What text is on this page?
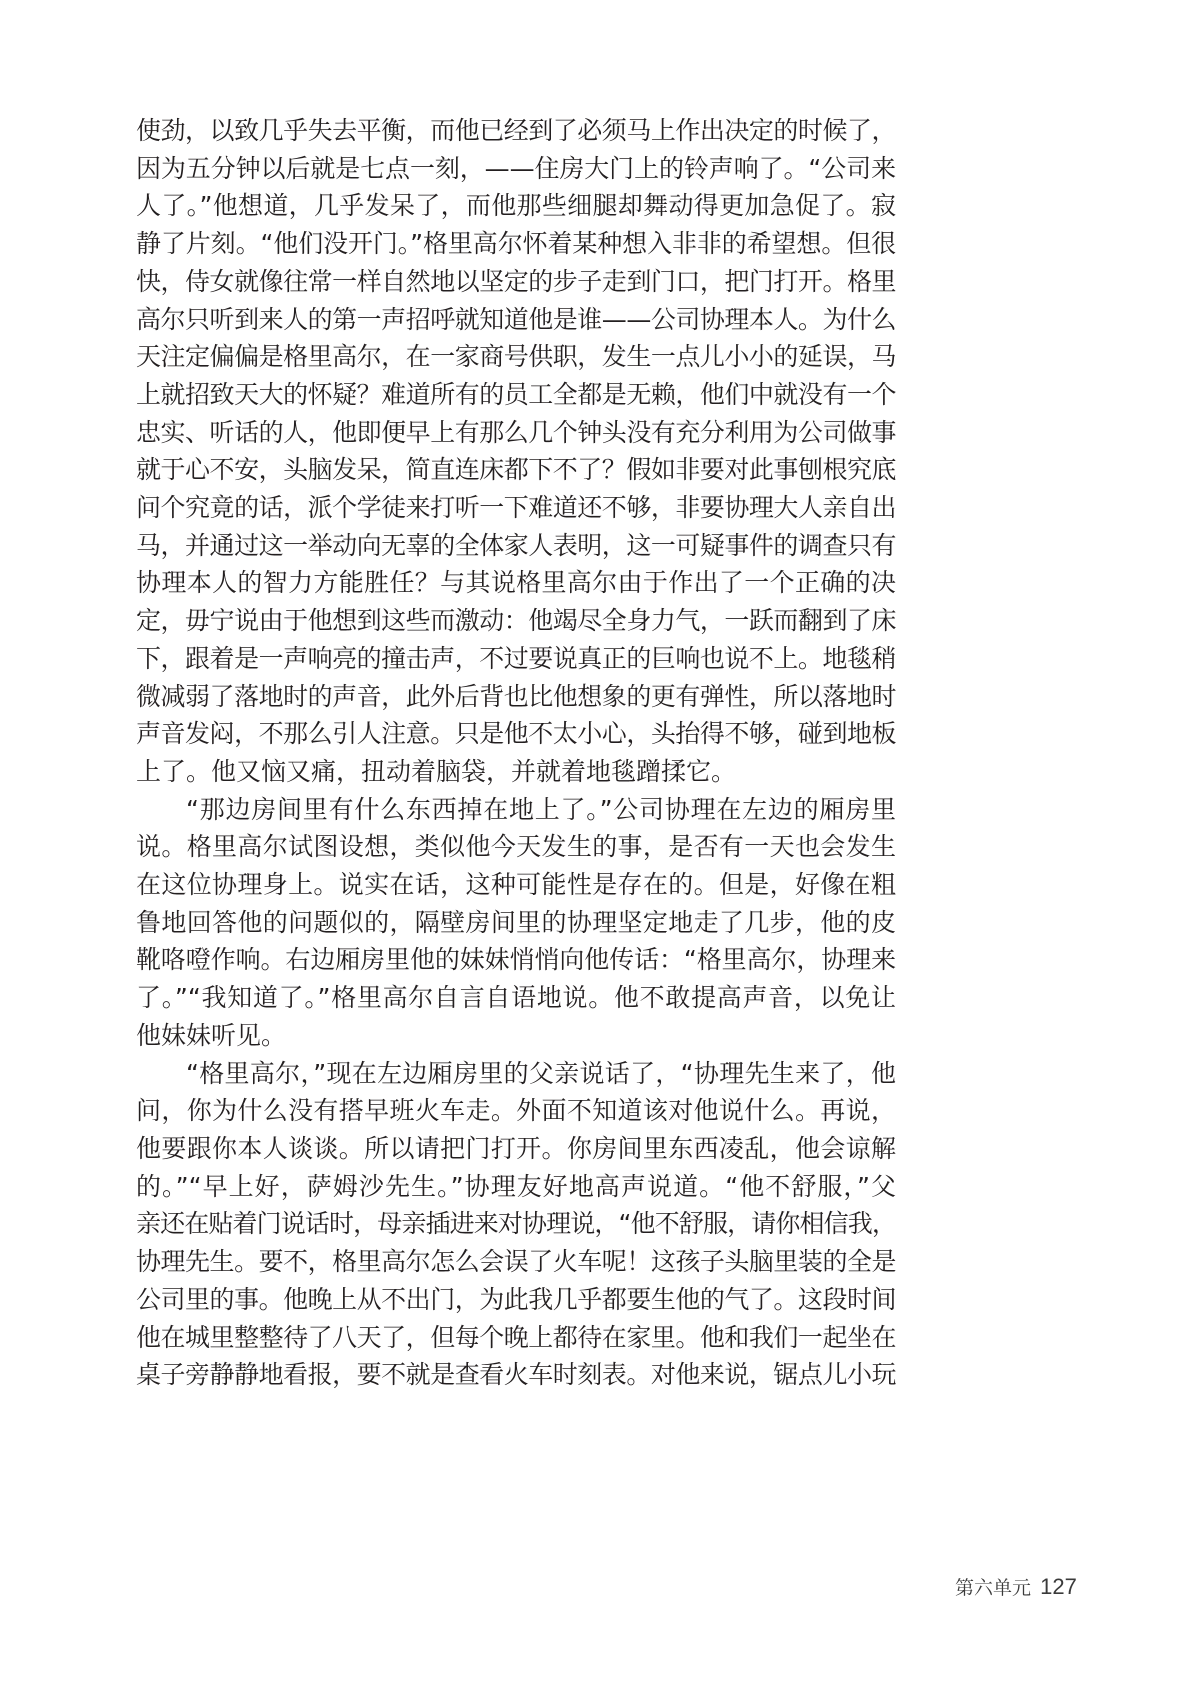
使劲，以致几乎失去平衡，而他已经到了必须马上作出决定的时候了，
因为五分钟以后就是七点一刻，——住房大门上的铃声响了。“公司来
人了。”他想道，几乎发呆了，而他那些细腿却舞动得更加急促了。寂
静了片刻。“他们没开门。”格里高尔怀着某种想入非非的希望想。但很
快，侍女就像往常一样自然地以坚定的步子走到门口，把门打开。格里
高尔只听到来人的第一声招呼就知道他是谁——公司协理本人。为什么
天注定偏偏是格里高尔，在一家商号供职，发生一点儿小小的延误，马
上就招致天大的怀疑？难道所有的员工全都是无赖，他们中就没有一个
忠实、听话的人，他即便早上有那么几个钟头没有充分利用为公司做事
就于心不安，头脑发呆，简直连床都下不了？假如非要对此事刨根究底
问个究竟的话，派个学徒来打听一下难道还不够，非要协理大人亲自出
马，并通过这一举动向无辜的全体家人表明，这一可疑事件的调查只有
协理本人的智力方能胜任？与其说格里高尔由于作出了一个正确的决
定，毋宁说由于他想到这些而激动：他竭尽全身力气，一跃而翻到了床
下，跟着是一声响亮的撞击声，不过要说真正的巨响也说不上。地毯稍
微减弱了落地时的声音，此外后背也比他想象的更有弹性，所以落地时
声音发闷，不那么引人注意。只是他不太小心，头抬得不够，碰到地板
上了。他又恼又痛，扭动着脑袋，并就着地毯蹭揉它。
“那边房间里有什么东西掉在地上了。”公司协理在左边的厢房里
说。格里高尔试图设想，类似他今天发生的事，是否有一天也会发生
在这位协理身上。说实在话，这种可能性是存在的。但是，好像在粗
鲁地回答他的问题似的，隔壁房间里的协理坚定地走了几步，他的皮
靴咯噔作响。右边厢房里他的妹妹悄悄向他传话：“格里高尔，协理来
了。”“我知道了。”格里高尔自言自语地说。他不敢提高声音，以免让
他妹妹听见。
“格里高尔，”现在左边厢房里的父亲说话了，“协理先生来了，他
问，你为什么没有搭早班火车走。外面不知道该对他说什么。再说，
他要跟你本人谈谈。所以请把门打开。你房间里东西凌乱，他会谅解
的。”“早上好，萨姆沙先生。”协理友好地高声说道。“他不舒服，”父
亲还在贴着门说话时，母亲插进来对协理说，“他不舒服，请你相信我，
协理先生。要不，格里高尔怎么会误了火车呢！这孩子头脑里装的全是
公司里的事。他晚上从不出门，为此我几乎都要生他的气了。这段时间
他在城里整整待了八天了，但每个晚上都待在家里。他和我们一起坐在
桌子旁静静地看报，要不就是查看火车时刻表。对他来说，锯点儿小玩
第六单元 127
